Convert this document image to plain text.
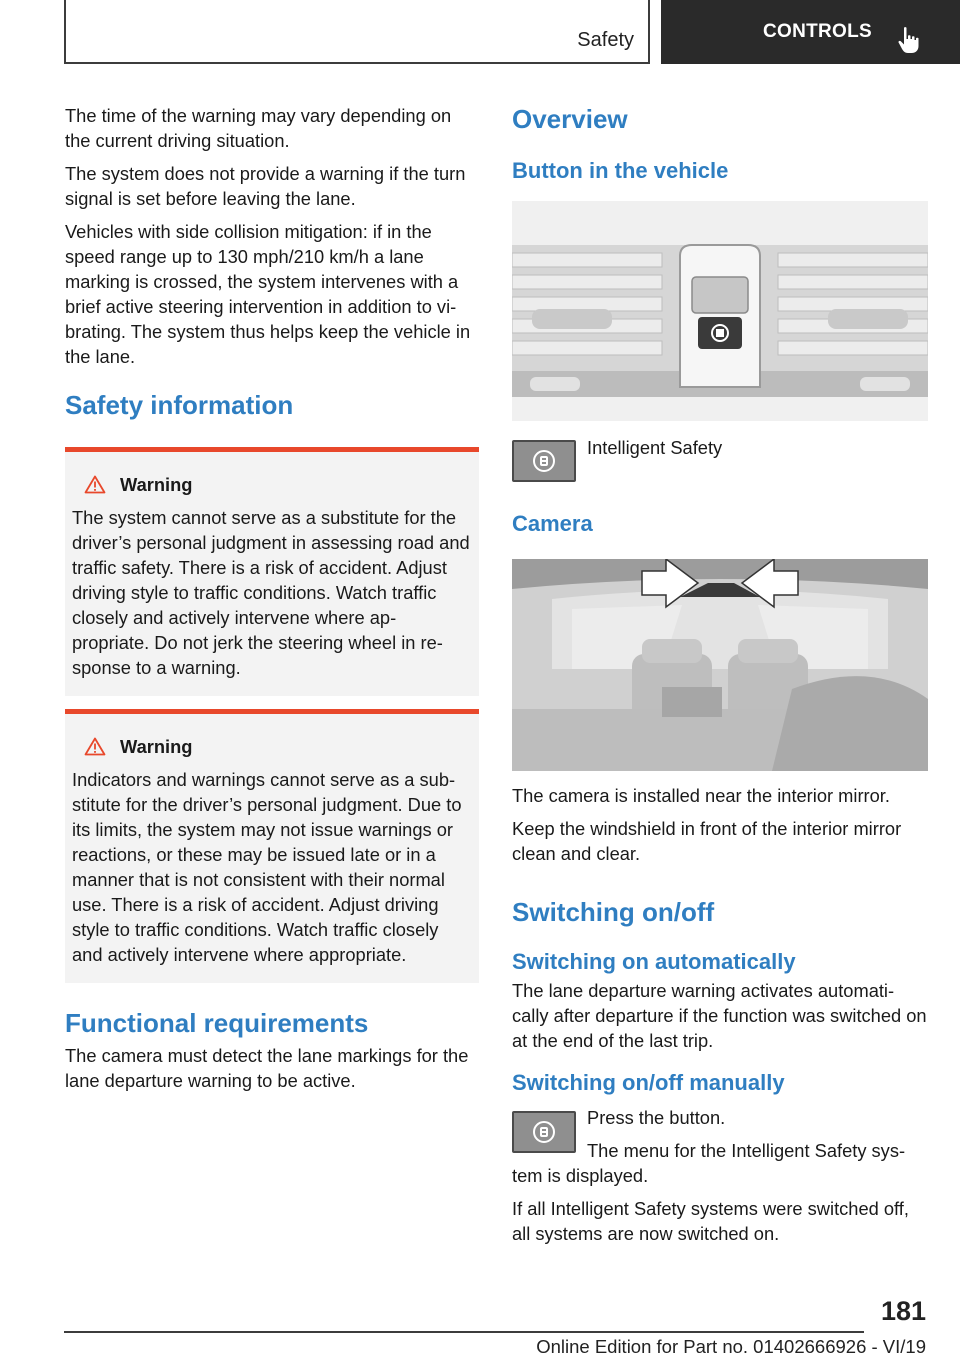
Safety	CONTROLS

The time of the warning may vary depending on the current driving situation.

The system does not provide a warning if the turn signal is set before leaving the lane.

Vehicles with side collision mitigation: if in the speed range up to 130 mph/210 km/h a lane marking is crossed, the system intervenes with a brief active steering intervention in addition to vi-brating. The system thus helps keep the vehicle in the lane.

Safety information
Warning

The system cannot serve as a substitute for the driver’s personal judgment in assessing road and traffic safety. There is a risk of accident. Adjust driving style to traffic conditions. Watch traffic closely and actively intervene where ap-propriate. Do not jerk the steering wheel in re-sponse to a warning.

Warning

Indicators and warnings cannot serve as a sub-stitute for the driver’s personal judgment. Due to its limits, the system may not issue warnings or reactions, or these may be issued late or in a manner that is not consistent with their normal use. There is a risk of accident. Adjust driving style to traffic conditions. Watch traffic closely and actively intervene where appropriate.

Functional requirements

The camera must detect the lane markings for the lane departure warning to be active.

Overview
Button in the vehicle
Intelligent Safety
Camera

The camera is installed near the interior mirror.

Keep the windshield in front of the interior mirror clean and clear.

Switching on/off
Switching on automatically

The lane departure warning activates automati-cally after departure if the function was switched on at the end of the last trip.

Switching on/off manually

Press the button.

The menu for the Intelligent Safety sys-tem is displayed.

If all Intelligent Safety systems were switched off, all systems are now switched on.

181
Online Edition for Part no. 01402666926 - VI/19
